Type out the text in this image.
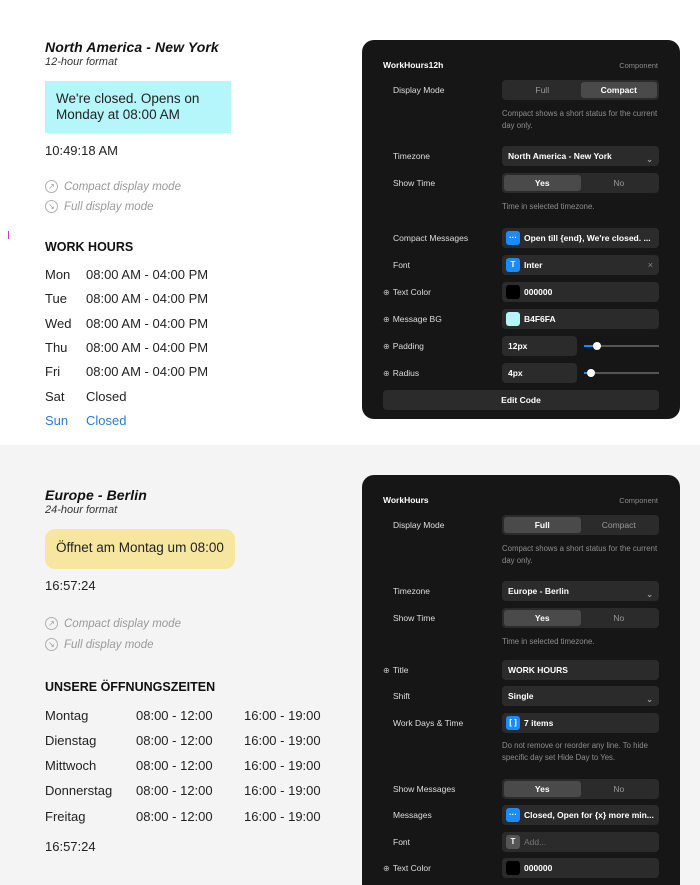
North America - New York
12-hour format
We're closed. Opens on Monday at 08:00 AM
10:49:18 AM
↗ Compact display mode
↘ Full display mode
WORK HOURS
Mon	08:00 AM - 04:00 PM
Tue	08:00 AM - 04:00 PM
Wed	08:00 AM - 04:00 PM
Thu	08:00 AM - 04:00 PM
Fri	08:00 AM - 04:00 PM
Sat	Closed
Sun	Closed
WorkHours12h	Component
Display Mode	Full	Compact
Compact shows a short status for the current day only.
Timezone	North America - New York	⌄
Show Time	Yes	No
Time in selected timezone.
Compact Messages	··· Open till {end}, We're closed. ...
Font	T Inter	×
⊕ Text Color	000000
⊕ Message BG	B4F6FA
⊕ Padding	12px
⊕ Radius	4px
Edit Code
Europe - Berlin
24-hour format
Öffnet am Montag um 08:00
16:57:24
↗ Compact display mode
↘ Full display mode
UNSERE ÖFFNUNGSZEITEN
Montag	08:00 - 12:00	16:00 - 19:00
Dienstag	08:00 - 12:00	16:00 - 19:00
Mittwoch	08:00 - 12:00	16:00 - 19:00
Donnerstag	08:00 - 12:00	16:00 - 19:00
Freitag	08:00 - 12:00	16:00 - 19:00
16:57:24
WorkHours	Component
Display Mode	Full	Compact
Compact shows a short status for the current day only.
Timezone	Europe - Berlin	⌄
Show Time	Yes	No
Time in selected timezone.
⊕ Title	WORK HOURS
Shift	Single	⌄
Work Days & Time	[ ] 7 items
Do not remove or reorder any line. To hide specific day set Hide Day to Yes.
Show Messages	Yes	No
Messages	··· Closed, Open for {x} more min...
Font	T Add...
⊕ Text Color	000000
